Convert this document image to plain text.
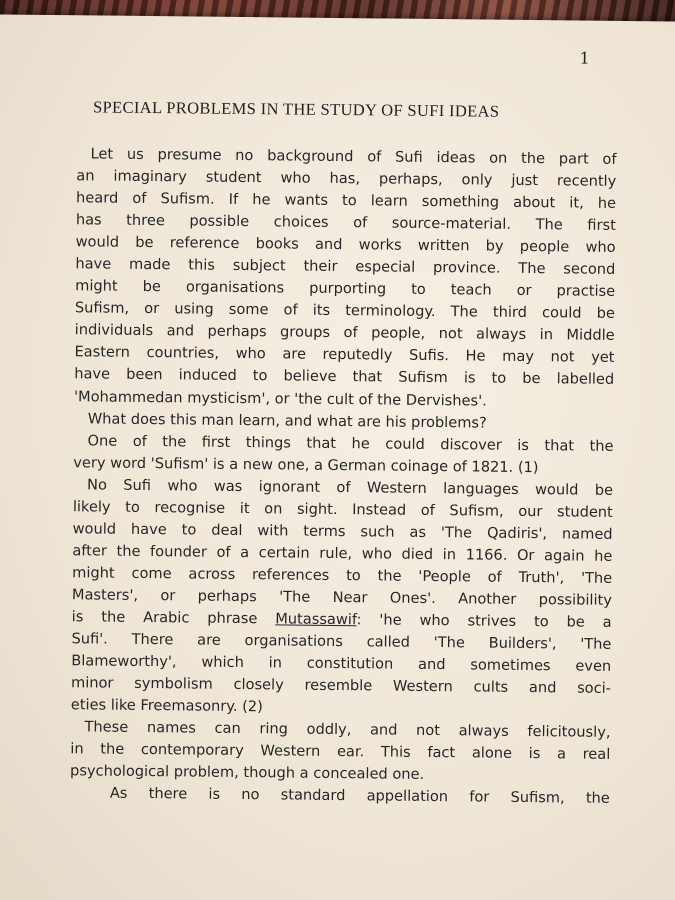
1
SPECIAL PROBLEMS IN THE STUDY OF SUFI IDEAS
Let us presume no background of Sufi ideas on the part of
an imaginary student who has, perhaps, only just recently
heard of Sufism. If he wants to learn something about it, he
has three possible choices of source-material. The first
would be reference books and works written by people who
have made this subject their especial province. The second
might be organisations purporting to teach or practise
Sufism, or using some of its terminology. The third could be
individuals and perhaps groups of people, not always in Middle
Eastern countries, who are reputedly Sufis. He may not yet
have been induced to believe that Sufism is to be labelled
'Mohammedan mysticism', or 'the cult of the Dervishes'.
What does this man learn, and what are his problems?
One of the first things that he could discover is that the
very word 'Sufism' is a new one, a German coinage of 1821. (1)
No Sufi who was ignorant of Western languages would be
likely to recognise it on sight. Instead of Sufism, our student
would have to deal with terms such as 'The Qadiris', named
after the founder of a certain rule, who died in 1166. Or again he
might come across references to the 'People of Truth', 'The
Masters', or perhaps 'The Near Ones'. Another possibility
is the Arabic phrase Mutassawif: 'he who strives to be a
Sufi'. There are organisations called 'The Builders', 'The
Blameworthy', which in constitution and sometimes even
minor symbolism closely resemble Western cults and soci-
eties like Freemasonry. (2)
These names can ring oddly, and not always felicitously,
in the contemporary Western ear. This fact alone is a real
psychological problem, though a concealed one.
As there is no standard appellation for Sufism, the
